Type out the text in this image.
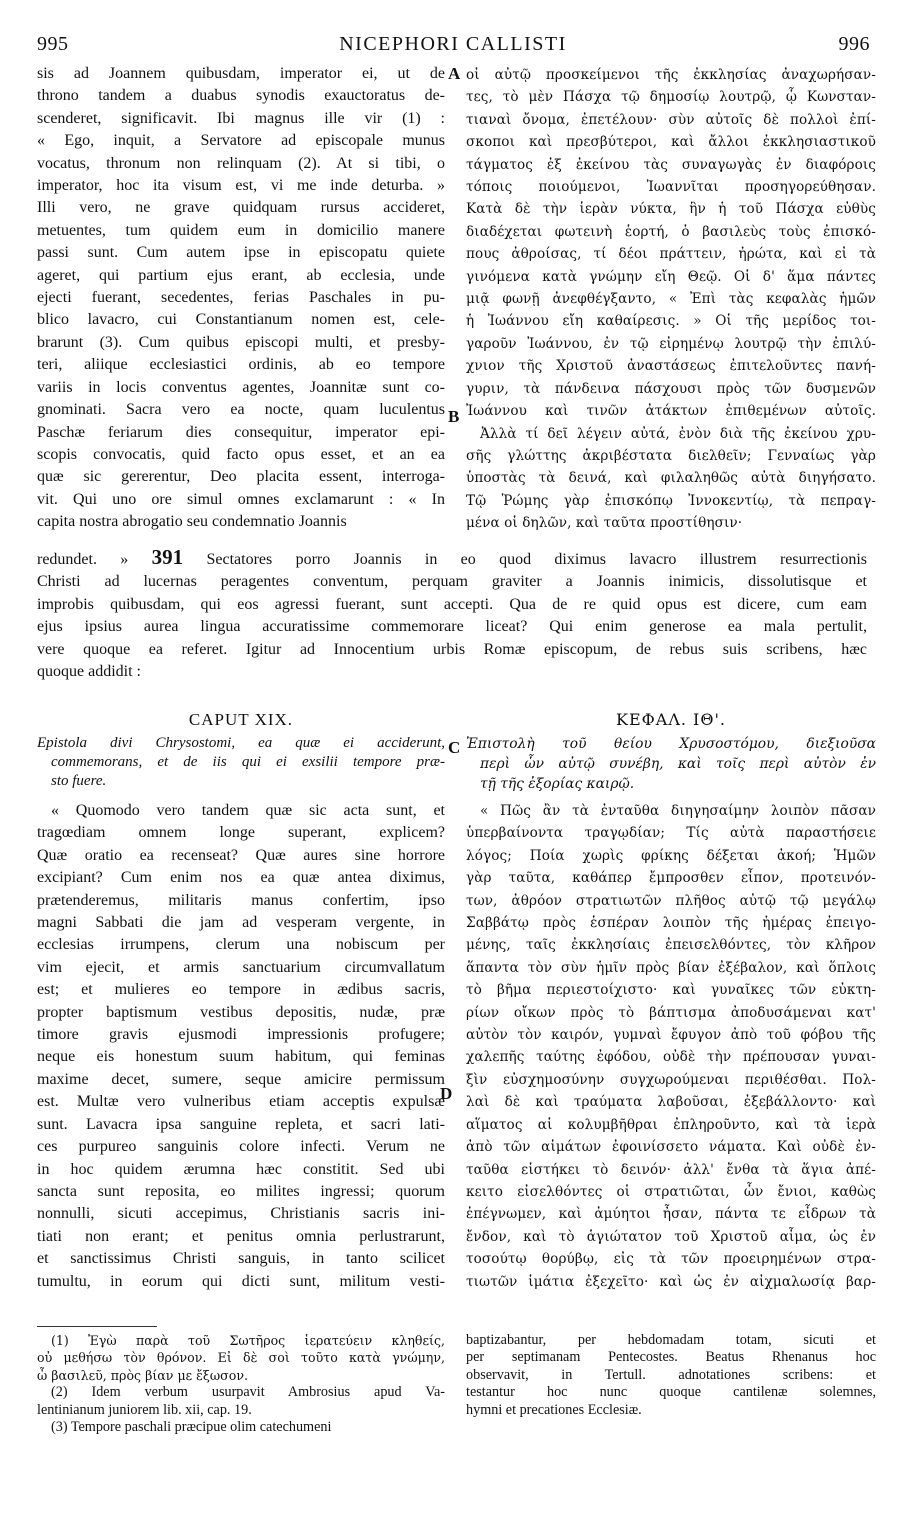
995	NICEPHORI CALLISTI	996
sis ad Joannem quibusdam, imperator ei, ut de
throno tandem a duabus synodis exauctoratus de-
scenderet, significavit. Ibi magnus ille vir (1) :
« Ego, inquit, a Servatore ad episcopale munus
vocatus, thronum non relinquam (2). At si tibi, o
imperator, hoc ita visum est, vi me inde deturba. »
Illi vero, ne grave quidquam rursus accideret,
metuentes, tum quidem eum in domicilio manere
passi sunt. Cum autem ipse in episcopatu quiete
ageret, qui partium ejus erant, ab ecclesia, unde
ejecti fuerant, secedentes, ferias Paschales in pu-
blico lavacro, cui Constantianum nomen est, cele-
brarunt (3). Cum quibus episcopi multi, et presby-
teri, aliique ecclesiastici ordinis, ab eo tempore
variis in locis conventus agentes, Joannitæ sunt co-
gnominati. Sacra vero ea nocte, quam luculentus
Paschæ feriarum dies consequitur, imperator epi-
scopis convocatis, quid facto opus esset, et an ea
quæ sic gererentur, Deo placita essent, interroga-
vit. Qui uno ore simul omnes exclamarunt : « In
capita nostra abrogatio seu condemnatio Joannis
οἱ αὐτῷ προσκείμενοι τῆς ἐκκλησίας ἀναχωρήσαν-
τες, τὸ μὲν Πάσχα τῷ δημοσίῳ λουτρῷ, ᾧ Κωνσταν-
τιαναὶ ὄνομα, ἐπετέλουν· σὺν αὐτοῖς δὲ πολλοὶ ἐπί-
σκοποι καὶ πρεσβύτεροι, καὶ ἄλλοι ἐκκλησιαστικοῦ
τάγματος ἐξ ἐκείνου τὰς συναγωγὰς ἐν διαφόροις
τόποις ποιούμενοι, Ἰωαννῖται προσηγορεύθησαν.
Κατὰ δὲ τὴν ἱερὰν νύκτα, ἣν ἡ τοῦ Πάσχα εὐθὺς
διαδέχεται φωτεινὴ ἑορτή, ὁ βασιλεὺς τοὺς ἐπισκό-
πους ἀθροίσας, τί δέοι πράττειν, ἠρώτα, καὶ εἰ τὰ
γινόμενα κατὰ γνώμην εἴη Θεῷ. Οἱ δ' ἅμα πάντες
μιᾷ φωνῇ ἀνεφθέγξαντο, « Ἐπὶ τὰς κεφαλὰς ἡμῶν
ἡ Ἰωάννου εἴη καθαίρεσις. » Οἱ τῆς μερίδος τοι-
γαροῦν Ἰωάννου, ἐν τῷ εἰρημένῳ λουτρῷ τὴν ἐπιλύ-
χνιον τῆς Χριστοῦ ἀναστάσεως ἐπιτελοῦντες πανή-
γυριν, τὰ πάνδεινα πάσχουσι πρὸς τῶν δυσμενῶν
Ἰωάννου καὶ τινῶν ἀτάκτων ἐπιθεμένων αὐτοῖς.
Ἀλλὰ τί δεῖ λέγειν αὐτά, ἐνὸν διὰ τῆς ἐκείνου χρυ-
σῆς γλώττης ἀκριβέστατα διελθεῖν; Γενναίως γὰρ
ὑποστὰς τὰ δεινά, καὶ φιλαληθῶς αὐτὰ διηγήσατο.
Τῷ Ῥώμης γὰρ ἐπισκόπῳ Ἰννοκεντίῳ, τὰ πεπραγ-
μένα οἱ δηλῶν, καὶ ταῦτα προστίθησιν·
A
B
C
D
redundet. » 391 Sectatores porro Joannis in eo quod diximus lavacro illustrem resurrectionis
Christi ad lucernas peragentes conventum, perquam graviter a Joannis inimicis, dissolutisque et
improbis quibusdam, qui eos agressi fuerant, sunt accepti. Qua de re quid opus est dicere, cum eam
ejus ipsius aurea lingua accuratissime commemorare liceat? Qui enim generose ea mala pertulit,
vere quoque ea referet. Igitur ad Innocentium urbis Romæ episcopum, de rebus suis scribens, hæc
quoque addidit :
CAPUT XIX.	ΚΕΦΑΛ. ΙΘ'.
Epistola divi Chrysostomi, ea quæ ei acciderunt,
commemorans, et de iis qui ei exsilii tempore præ-
sto fuere.
Ἐπιστολὴ τοῦ θείου Χρυσοστόμου, διεξιοῦσα
περὶ ὧν αὐτῷ συνέβη, καὶ τοῖς περὶ αὐτὸν ἐν
τῇ τῆς ἐξορίας καιρῷ.
« Quomodo vero tandem quæ sic acta sunt, et
tragœdiam omnem longe superant, explicem?
Quæ oratio ea recenseat? Quæ aures sine horrore
excipiant? Cum enim nos ea quæ antea diximus,
prætenderemus, militaris manus confertim, ipso
magni Sabbati die jam ad vesperam vergente, in
ecclesias irrumpens, clerum una nobiscum per
vim ejecit, et armis sanctuarium circumvallatum
est; et mulieres eo tempore in ædibus sacris,
propter baptismum vestibus depositis, nudæ, præ
timore gravis ejusmodi impressionis profugere;
neque eis honestum suum habitum, qui feminas
maxime decet, sumere, seque amicire permissum
est. Multæ vero vulneribus etiam acceptis expulsæ
sunt. Lavacra ipsa sanguine repleta, et sacri lati-
ces purpureo sanguinis colore infecti. Verum ne
in hoc quidem ærumna hæc constitit. Sed ubi
sancta sunt reposita, eo milites ingressi; quorum
nonnulli, sicuti accepimus, Christianis sacris ini-
tiati non erant; et penitus omnia perlustrarunt,
et sanctissimus Christi sanguis, in tanto scilicet
tumultu, in eorum qui dicti sunt, militum vesti-
« Πῶς ἂν τὰ ἐνταῦθα διηγησαίμην λοιπὸν πᾶσαν
ὑπερβαίνοντα τραγῳδίαν; Τίς αὐτὰ παραστήσειε
λόγος; Ποία χωρὶς φρίκης δέξεται ἀκοή; Ἡμῶν
γὰρ ταῦτα, καθάπερ ἔμπροσθεν εἶπον, προτεινόν-
των, ἀθρόον στρατιωτῶν πλῆθος αὐτῷ τῷ μεγάλῳ
Σαββάτῳ πρὸς ἑσπέραν λοιπὸν τῆς ἡμέρας ἐπειγο-
μένης, ταῖς ἐκκλησίαις ἐπεισελθόντες, τὸν κλῆρον
ἅπαντα τὸν σὺν ἡμῖν πρὸς βίαν ἐξέβαλον, καὶ ὅπλοις
τὸ βῆμα περιεστοίχιστο· καὶ γυναῖκες τῶν εὐκτη-
ρίων οἴκων πρὸς τὸ βάπτισμα ἀποδυσάμεναι κατ'
αὐτὸν τὸν καιρόν, γυμναὶ ἔφυγον ἀπὸ τοῦ φόβου τῆς
χαλεπῆς ταύτης ἐφόδου, οὐδὲ τὴν πρέπουσαν γυναι-
ξὶν εὐσχημοσύνην συγχωρούμεναι περιθέσθαι. Πολ-
λαὶ δὲ καὶ τραύματα λαβοῦσαι, ἐξεβάλλοντο· καὶ
αἵματος αἱ κολυμβῆθραι ἐπληροῦντο, καὶ τὰ ἱερὰ
ἀπὸ τῶν αἱμάτων ἐφοινίσσετο νάματα. Καὶ οὐδὲ ἐν-
ταῦθα εἱστήκει τὸ δεινόν· ἀλλ' ἔνθα τὰ ἅγια ἀπέ-
κειτο εἰσελθόντες οἱ στρατιῶται, ὧν ἔνιοι, καθὼς
ἐπέγνωμεν, καὶ ἀμύητοι ἦσαν, πάντα τε εἶδρων τὰ
ἔνδον, καὶ τὸ ἁγιώτατον τοῦ Χριστοῦ αἷμα, ὡς ἐν
τοσούτῳ θορύβῳ, εἰς τὰ τῶν προειρημένων στρα-
τιωτῶν ἱμάτια ἐξεχεῖτο· καὶ ὡς ἐν αἰχμαλωσίᾳ βαρ-
(1) Ἐγὼ παρὰ τοῦ Σωτῆρος ἱερατεύειν κληθείς,
οὐ μεθήσω τὸν θρόνον. Εἰ δὲ σοὶ τοῦτο κατὰ γνώμην,
ὦ βασιλεῦ, πρὸς βίαν με ἔξωσον.
(2) Idem verbum usurpavit Ambrosius apud Va-
lentinianum juniorem lib. xii, cap. 19.
(3) Tempore paschali præcipue olim catechumeni
baptizabantur, per hebdomadam totam, sicuti et
per septimanam Pentecostes. Beatus Rhenanus hoc
observavit, in Tertull. adnotationes scribens: et
testantur hoc nunc quoque cantilenæ solemnes,
hymni et precationes Ecclesiæ.
